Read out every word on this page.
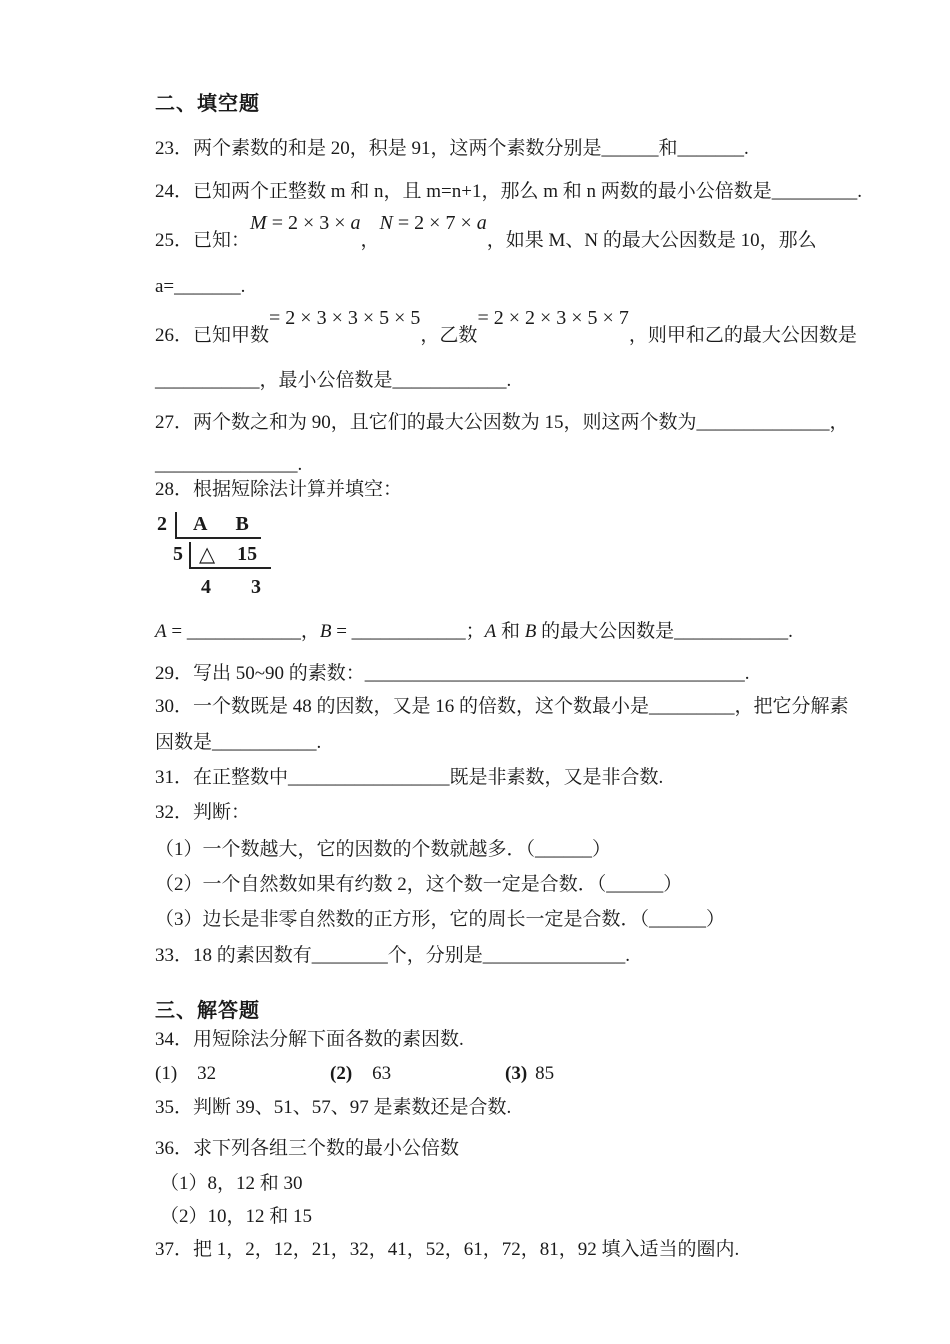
二、填空题
23．两个素数的和是 20，积是 91，这两个素数分别是______和_______.
24．已知两个正整数 m 和 n，且 m=n+1，那么 m 和 n 两数的最小公倍数是_________.
25．已知：M = 2 × 3 × a，N = 2 × 7 × a，如果 M、N 的最大公因数是 10，那么
a=_______.
26．已知甲数= 2 × 3 × 3 × 5 × 5，乙数= 2 × 2 × 3 × 5 × 7，则甲和乙的最大公因数是
___________，最小公倍数是____________.
27．两个数之和为 90，且它们的最大公因数为 15，则这两个数为______________，
_______________.
28．根据短除法计算并填空：
2	A B
5 △ 15
4 3
A = ____________，B = ____________；A 和 B 的最大公因数是____________.
29．写出 50~90 的素数：________________________________________.
30．一个数既是 48 的因数，又是 16 的倍数，这个数最小是_________，把它分解素
因数是___________.
31．在正整数中_________________既是非素数，又是非合数.
32．判断：
（1）一个数越大，它的因数的个数就越多．（______）
（2）一个自然数如果有约数 2，这个数一定是合数．（______）
（3）边长是非零自然数的正方形，它的周长一定是合数．（______）
33．18 的素因数有________个，分别是_______________.
三、解答题
34．用短除法分解下面各数的素因数.
(1) 32	(2) 63	(3) 85
35．判断 39、51、57、97 是素数还是合数.
36．求下列各组三个数的最小公倍数
（1）8，12 和 30
（2）10，12 和 15
37．把 1，2，12，21，32，41，52，61，72，81，92 填入适当的圈内.
